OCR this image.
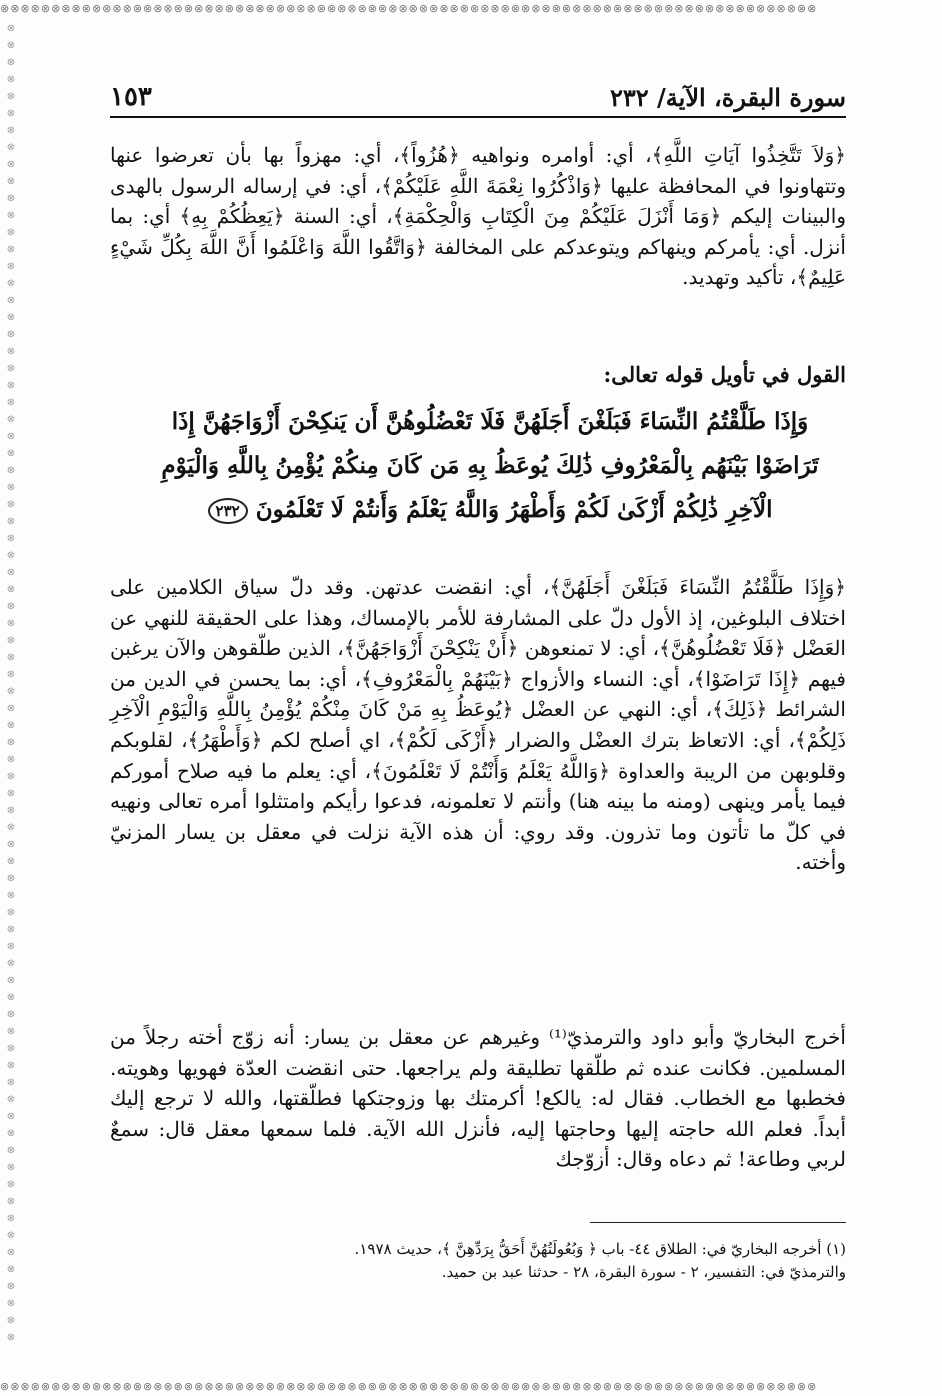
⊗⊗⊗⊗⊗⊗⊗⊗⊗⊗⊗⊗⊗⊗⊗⊗⊗⊗⊗⊗⊗⊗⊗⊗⊗⊗⊗⊗⊗⊗⊗⊗⊗⊗⊗⊗⊗⊗⊗⊗⊗⊗⊗⊗⊗⊗⊗⊗⊗⊗⊗⊗⊗⊗⊗⊗⊗⊗⊗⊗⊗⊗⊗⊗⊗⊗⊗⊗⊗⊗⊗⊗⊗⊗⊗⊗⊗⊗⊗⊗
⊗ ⊗ ⊗ ⊗ ⊗ ⊗ ⊗ ⊗ ⊗ ⊗ ⊗ ⊗ ⊗ ⊗ ⊗ ⊗ ⊗ ⊗ ⊗ ⊗ ⊗ ⊗ ⊗ ⊗ ⊗ ⊗ ⊗ ⊗ ⊗ ⊗ ⊗ ⊗ ⊗ ⊗ ⊗ ⊗ ⊗ ⊗ ⊗ ⊗ ⊗ ⊗ ⊗ ⊗ ⊗ ⊗ ⊗ ⊗ ⊗ ⊗ ⊗ ⊗ ⊗ ⊗ ⊗ ⊗ ⊗ ⊗ ⊗ ⊗ ⊗ ⊗ ⊗ ⊗ ⊗ ⊗ ⊗ ⊗ ⊗ ⊗ ⊗ ⊗ ⊗ ⊗ ⊗ ⊗ ⊗ ⊗
⊗⊗⊗⊗⊗⊗⊗⊗⊗⊗⊗⊗⊗⊗⊗⊗⊗⊗⊗⊗⊗⊗⊗⊗⊗⊗⊗⊗⊗⊗⊗⊗⊗⊗⊗⊗⊗⊗⊗⊗⊗⊗⊗⊗⊗⊗⊗⊗⊗⊗⊗⊗⊗⊗⊗⊗⊗⊗⊗⊗⊗⊗⊗⊗⊗⊗⊗⊗⊗⊗⊗⊗⊗⊗⊗⊗⊗⊗⊗⊗
سورة البقرة، الآية/ ٢٣٢
١٥٣

﴿وَلاَ تَتَّخِذُوا آيَاتِ اللَّهِ﴾، أي: أوامره ونواهيه ﴿هُزُواً﴾، أي: مهزواً بها بأن تعرضوا عنها وتتهاونوا في المحافظة عليها ﴿وَاذْكُرُوا نِعْمَةَ اللَّهِ عَلَيْكُمْ﴾، أي: في إرساله الرسول بالهدى والبينات إليكم ﴿وَمَا أَنْزَلَ عَلَيْكُمْ مِنَ الْكِتَابِ وَالْحِكْمَةِ﴾، أي: السنة ﴿يَعِظُكُمْ بِهِ﴾ أي: بما أنزل. أي: يأمركم وينهاكم ويتوعدكم على المخالفة ﴿وَاتَّقُوا اللَّهَ وَاعْلَمُوا أَنَّ اللَّهَ بِكُلِّ شَيْءٍ عَلِيمٌ﴾، تأكيد وتهديد.

القول في تأويل قوله تعالى:
وَإِذَا طَلَّقْتُمُ النِّسَاءَ فَبَلَغْنَ أَجَلَهُنَّ فَلَا تَعْضُلُوهُنَّ أَن يَنكِحْنَ أَزْوَاجَهُنَّ إِذَا تَرَاضَوْا بَيْنَهُم بِالْمَعْرُوفِ ذَٰلِكَ يُوعَظُ بِهِ مَن كَانَ مِنكُمْ يُؤْمِنُ بِاللَّهِ وَالْيَوْمِ الْآخِرِ ذَٰلِكُمْ أَزْكَىٰ لَكُمْ وَأَطْهَرُ وَاللَّهُ يَعْلَمُ وَأَنتُمْ لَا تَعْلَمُونَ ٢٣٢

﴿وَإِذَا طَلَّقْتُمُ النِّسَاءَ فَبَلَغْنَ أَجَلَهُنَّ﴾، أي: انقضت عدتهن. وقد دلّ سياق الكلامين على اختلاف البلوغين، إذ الأول دلّ على المشارفة للأمر بالإمساك، وهذا على الحقيقة للنهي عن العَضْل ﴿فَلَا تَعْضُلُوهُنَّ﴾، أي: لا تمنعوهن ﴿أَنْ يَنْكِحْنَ أَزْوَاجَهُنَّ﴾، الذين طلّقوهن والآن يرغبن فيهم ﴿إِذَا تَرَاضَوْا﴾، أي: النساء والأزواج ﴿بَيْنَهُمْ بِالْمَعْرُوفِ﴾، أي: بما يحسن في الدين من الشرائط ﴿ذَلِكَ﴾، أي: النهي عن العضْل ﴿يُوعَظُ بِهِ مَنْ كَانَ مِنْكُمْ يُؤْمِنُ بِاللَّهِ وَالْيَوْمِ الْآخِرِ ذَلِكُمْ﴾، أي: الاتعاظ بترك العضْل والضرار ﴿أَزْكَى لَكُمْ﴾، اي أصلح لكم ﴿وَأَطْهَرُ﴾، لقلوبكم وقلوبهن من الريبة والعداوة ﴿وَاللَّهُ يَعْلَمُ وَأَنْتُمْ لَا تَعْلَمُونَ﴾، أي: يعلم ما فيه صلاح أموركم فيما يأمر وينهى (ومنه ما بينه هنا) وأنتم لا تعلمونه، فدعوا رأيكم وامتثلوا أمره تعالى ونهيه في كلّ ما تأتون وما تذرون. وقد روي: أن هذه الآية نزلت في معقل بن يسار المزنيّ وأخته.

أخرج البخاريّ وأبو داود والترمذيّ⁽¹⁾ وغيرهم عن معقل بن يسار: أنه زوّج أخته رجلاً من المسلمين. فكانت عنده ثم طلّقها تطليقة ولم يراجعها. حتى انقضت العدّة فهويها وهويته. فخطبها مع الخطاب. فقال له: يالكع! أكرمتك بها وزوجتكها فطلّقتها، والله لا ترجع إليك أبداً. فعلم الله حاجته إليها وحاجتها إليه، فأنزل الله الآية. فلما سمعها معقل قال: سمعٌ لربي وطاعة! ثم دعاه وقال: أزوّجك

(١) أخرجه البخاريّ في: الطلاق ٤٤- باب ﴿ وَبُعُولَتُهُنَّ أَحَقُّ بِرَدِّهِنَّ ﴾، حديث ١٩٧٨.

والترمذيّ في: التفسير، ٢ - سورة البقرة، ٢٨ - حدثنا عبد بن حميد.
